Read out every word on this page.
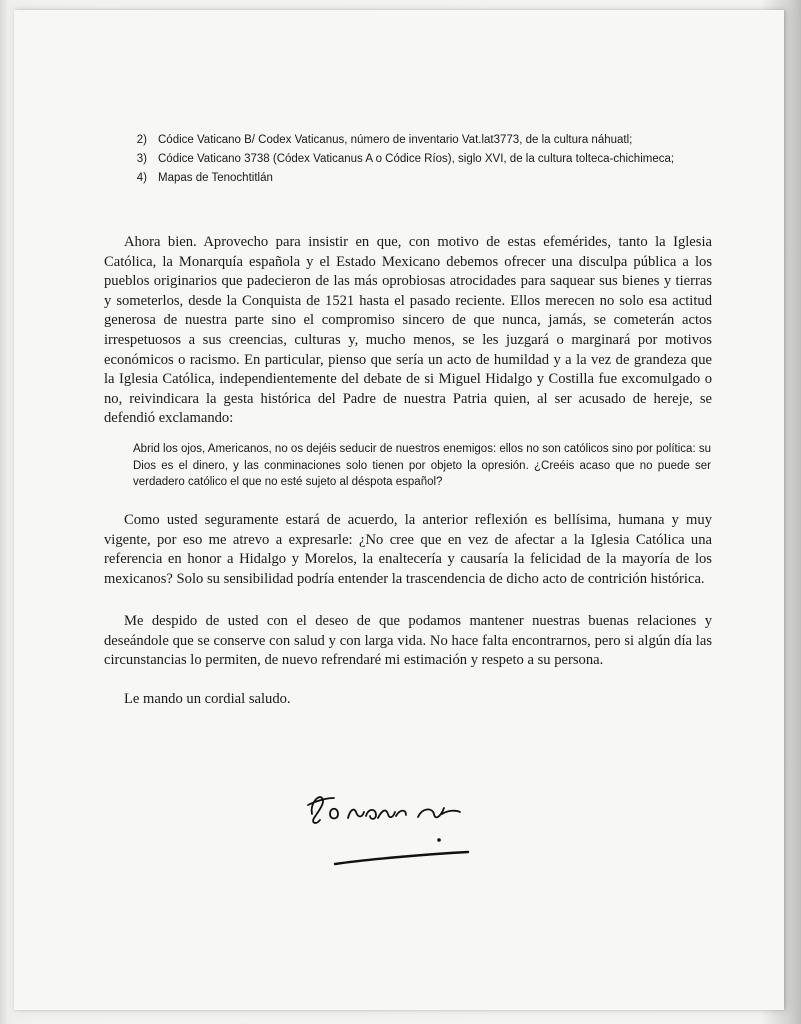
2) Códice Vaticano B/ Codex Vaticanus, número de inventario Vat.lat3773, de la cultura náhuatl;
3) Códice Vaticano 3738 (Códex Vaticanus A o Códice Ríos), siglo XVI, de la cultura tolteca-chichimeca;
4) Mapas de Tenochtitlán

Ahora bien. Aprovecho para insistir en que, con motivo de estas efemérides, tanto la Iglesia Católica, la Monarquía española y el Estado Mexicano debemos ofrecer una disculpa pública a los pueblos originarios que padecieron de las más oprobiosas atrocidades para saquear sus bienes y tierras y someterlos, desde la Conquista de 1521 hasta el pasado reciente. Ellos merecen no solo esa actitud generosa de nuestra parte sino el compromiso sincero de que nunca, jamás, se cometerán actos irrespetuosos a sus creencias, culturas y, mucho menos, se les juzgará o marginará por motivos económicos o racismo. En particular, pienso que sería un acto de humildad y a la vez de grandeza que la Iglesia Católica, independientemente del debate de si Miguel Hidalgo y Costilla fue excomulgado o no, reivindicara la gesta histórica del Padre de nuestra Patria quien, al ser acusado de hereje, se defendió exclamando:

Abrid los ojos, Americanos, no os dejéis seducir de nuestros enemigos: ellos no son católicos sino por política: su Dios es el dinero, y las conminaciones solo tienen por objeto la opresión. ¿Creéis acaso que no puede ser verdadero católico el que no esté sujeto al déspota español?

Como usted seguramente estará de acuerdo, la anterior reflexión es bellísima, humana y muy vigente, por eso me atrevo a expresarle: ¿No cree que en vez de afectar a la Iglesia Católica una referencia en honor a Hidalgo y Morelos, la enaltecería y causaría la felicidad de la mayoría de los mexicanos? Solo su sensibilidad podría entender la trascendencia de dicho acto de contrición histórica.

Me despido de usted con el deseo de que podamos mantener nuestras buenas relaciones y deseándole que se conserve con salud y con larga vida. No hace falta encontrarnos, pero si algún día las circunstancias lo permiten, de nuevo refrendaré mi estimación y respeto a su persona.

Le mando un cordial saludo.
